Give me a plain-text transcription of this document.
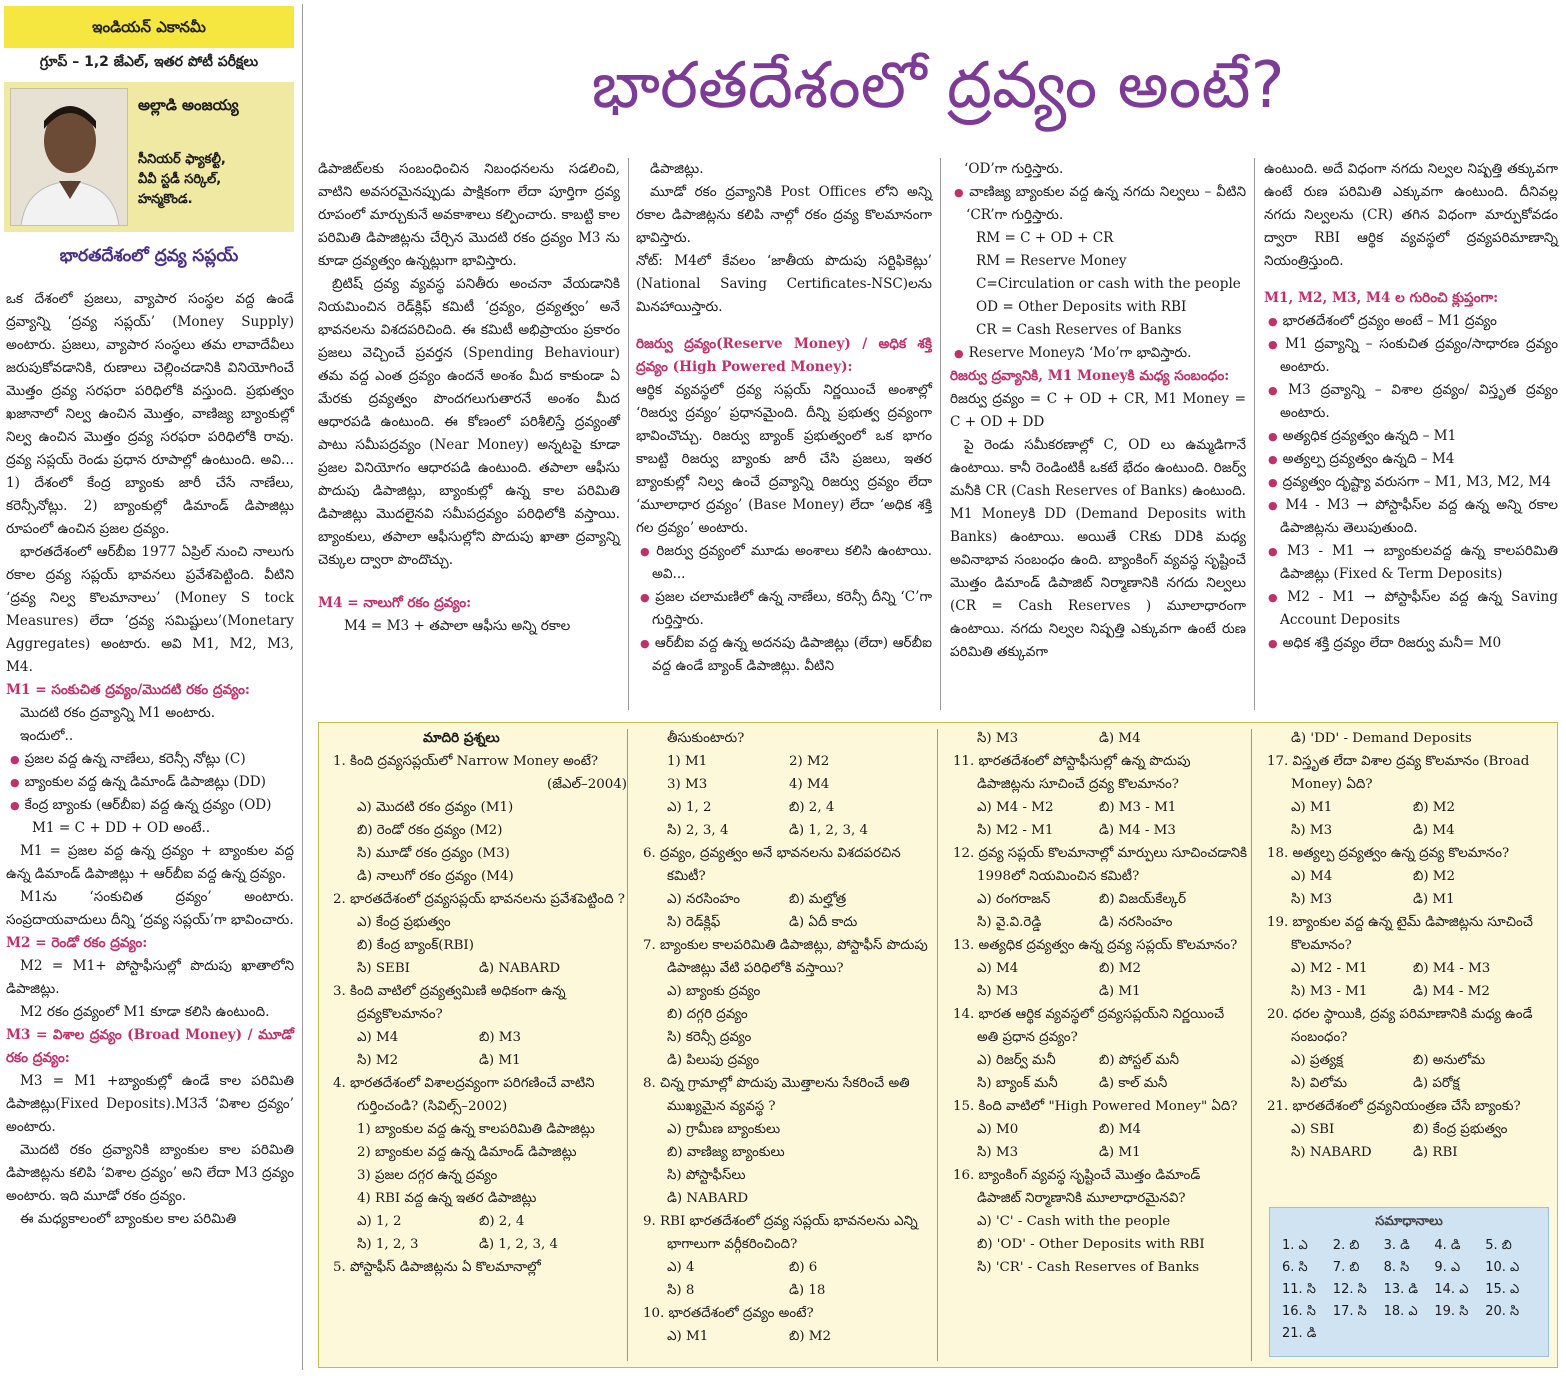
ఇండియన్ ఎకానమీ
గ్రూప్ – 1,2 జేఎల్, ఇతర పోటీ పరీక్షలు
అల్లాడి అంజయ్య
సీనియర్ ఫ్యాకల్టీ,
వీవీ స్టడీ సర్కిల్,
హన్మకొండ.
భారతదేశంలో ద్రవ్యం అంటే?
భారతదేశంలో ద్రవ్య సప్లయ్

ఒక దేశంలో ప్రజలు, వ్యాపార సంస్థల వద్ద ఉండే ద్రవ్యాన్ని ‘ద్రవ్య సప్లయ్’ (Money Supply) అంటారు. ప్రజలు, వ్యాపార సంస్థలు తమ లావాదేవీలు జరుపుకోవడానికి, రుణాలు చెల్లించడానికి వినియోగించే మొత్తం ద్రవ్య సరఫరా పరిధిలోకి వస్తుంది. ప్రభుత్వం ఖజానాలో నిల్వ ఉంచిన మొత్తం, వాణిజ్య బ్యాంకుల్లో నిల్వ ఉంచిన మొత్తం ద్రవ్య సరఫరా పరిధిలోకి రావు. ద్రవ్య సప్లయ్ రెండు ప్రధాన రూపాల్లో ఉంటుంది. అవి... 1) దేశంలో కేంద్ర బ్యాంకు జారీ చేసే నాణేలు, కరెన్సీనోట్లు. 2) బ్యాంకుల్లో డిమాండ్ డిపాజిట్లు రూపంలో ఉంచిన ప్రజల ద్రవ్యం.

భారతదేశంలో ఆర్‌బీఐ 1977 ఏప్రిల్ నుంచి నాలుగు రకాల ద్రవ్య సప్లయ్ భావనలు ప్రవేశపెట్టింది. వీటిని ‘ద్రవ్య నిల్వ కొలమానాలు’ (Money S tock Measures) లేదా ‘ద్రవ్య సమిష్టులు’(Monetary Aggregates) అంటారు. అవి M1, M2, M3, M4.

M1 = సంకుచిత ద్రవ్యం/మొదటి రకం ద్రవ్యం:

మొదటి రకం ద్రవ్యాన్ని M1 అంటారు.

ఇందులో..

● ప్రజల వద్ద ఉన్న నాణేలు, కరెన్సీ నోట్లు (C)

● బ్యాంకుల వద్ద ఉన్న డిమాండ్ డిపాజిట్లు (DD)

● కేంద్ర బ్యాంకు (ఆర్‌బీఐ) వద్ద ఉన్న ద్రవ్యం (OD)

M1 = C + DD + OD అంటే..

M1 = ప్రజల వద్ద ఉన్న ద్రవ్యం + బ్యాంకుల వద్ద ఉన్న డిమాండ్ డిపాజిట్లు + ఆర్‌బీఐ వద్ద ఉన్న ద్రవ్యం.

M1ను ‘సంకుచిత ద్రవ్యం’ అంటారు. సంప్రదాయవాదులు దీన్ని ‘ద్రవ్య సప్లయ్’గా భావించారు.

M2 = రెండో రకం ద్రవ్యం:

M2 = M1+ పోస్టాఫీసుల్లో పొదుపు ఖాతాలోని డిపాజిట్లు.

M2 రకం ద్రవ్యంలో M1 కూడా కలిసి ఉంటుంది.

M3 = విశాల ద్రవ్యం (Broad Money) / మూడో రకం ద్రవ్యం:

M3 = M1 +బ్యాంకుల్లో ఉండే కాల పరిమితి డిపాజిట్లు(Fixed Deposits).M3నే ‘విశాల ద్రవ్యం’ అంటారు.

మొదటి రకం ద్రవ్యానికి బ్యాంకుల కాల పరిమితి డిపాజిట్లను కలిపి ‘విశాల ద్రవ్యం’ అని లేదా M3 ద్రవ్యం అంటారు. ఇది మూడో రకం ద్రవ్యం.

ఈ మధ్యకాలంలో బ్యాంకుల కాల పరిమితి

డిపాజిట్‌లకు సంబంధించిన నిబంధనలను సడలించి, వాటిని అవసరమైనప్పుడు పాక్షికంగా లేదా పూర్తిగా ద్రవ్య రూపంలో మార్చుకునే అవకాశాలు కల్పించారు. కాబట్టి కాల పరిమితి డిపాజిట్లను చేర్చిన మొదటి రకం ద్రవ్యం M3 ను కూడా ద్రవ్యత్వం ఉన్నట్లుగా భావిస్తారు.

బ్రిటిష్ ద్రవ్య వ్యవస్థ పనితీరు అంచనా వేయడానికి నియమించిన రెడ్‌క్లిఫ్ కమిటీ ‘ద్రవ్యం, ద్రవ్యత్వం’ అనే భావనలను విశదపరిచింది. ఈ కమిటీ అభిప్రాయం ప్రకారం ప్రజలు వెచ్చించే ప్రవర్తన (Spending Behaviour) తమ వద్ద ఎంత ద్రవ్యం ఉందనే అంశం మీద కాకుండా ఏ మేరకు ద్రవ్యత్వం పొందగలుగుతారనే అంశం మీద ఆధారపడి ఉంటుంది. ఈ కోణంలో పరిశీలిస్తే ద్రవ్యంతో పాటు సమీపద్రవ్యం (Near Money) అన్నటపై కూడా ప్రజల వినియోగం ఆధారపడి ఉంటుంది. తపాలా ఆఫీసు పొదుపు డిపాజిట్లు, బ్యాంకుల్లో ఉన్న కాల పరిమితి డిపాజిట్లు మొదలైనవి సమీపద్రవ్యం పరిధిలోకి వస్తాయి. బ్యాంకులు, తపాలా ఆఫీసుల్లోని పొదుపు ఖాతా ద్రవ్యాన్ని చెక్కుల ద్వారా పొందొచ్చు.

M4 = నాలుగో రకం ద్రవ్యం:

M4 = M3 + తపాలా ఆఫీసు అన్ని రకాల

డిపాజిట్లు.

మూడో రకం ద్రవ్యానికి Post Offices లోని అన్ని రకాల డిపాజిట్లను కలిపి నాల్గో రకం ద్రవ్య కొలమానంగా భావిస్తారు.

నోట్: M4లో కేవలం ‘జాతీయ పొదుపు సర్టిఫికెట్లు’ (National Saving Certificates-NSC)లను మినహాయిస్తారు.

రిజర్వు ద్రవ్యం(Reserve Money) / అధిక శక్తి ద్రవ్యం (High Powered Money):

ఆర్థిక వ్యవస్థలో ద్రవ్య సప్లయ్ నిర్ణయించే అంశాల్లో ‘రిజర్వు ద్రవ్యం’ ప్రధానమైంది. దీన్ని ప్రభుత్వ ద్రవ్యంగా భావించొచ్చు. రిజర్వు బ్యాంక్ ప్రభుత్వంలో ఒక భాగం కాబట్టి రిజర్వు బ్యాంకు జారీ చేసి ప్రజలు, ఇతర బ్యాంకుల్లో నిల్వ ఉంచే ద్రవ్యాన్ని రిజర్వు ద్రవ్యం లేదా ‘మూలాధార ద్రవ్యం’ (Base Money) లేదా ‘అధిక శక్తి గల ద్రవ్యం’ అంటారు.

● రిజర్వు ద్రవ్యంలో మూడు అంశాలు కలిసి ఉంటాయి. అవి...

● ప్రజల చలామణిలో ఉన్న నాణేలు, కరెన్సీ దీన్ని ‘C’గా గుర్తిస్తారు.

● ఆర్‌బీఐ వద్ద ఉన్న అదనపు డిపాజిట్లు (లేదా) ఆర్‌బీఐ వద్ద ఉండే బ్యాంక్ డిపాజిట్లు. వీటిని

‘OD’గా గుర్తిస్తారు.

● వాణిజ్య బ్యాంకుల వద్ద ఉన్న నగదు నిల్వలు – వీటిని ‘CR’గా గుర్తిస్తారు.

RM = C + OD + CR

RM = Reserve Money

C=Circulation or cash with the people

OD = Other Deposits with RBI

CR = Cash Reserves of Banks

● Reserve Moneyని ‘Mo’గా భావిస్తారు.

రిజర్వు ద్రవ్యానికి, M1 Moneyకి మధ్య సంబంధం:

రిజర్వు ద్రవ్యం = C + OD + CR, M1 Money = C + OD + DD

పై రెండు సమీకరణాల్లో C, OD లు ఉమ్మడిగానే ఉంటాయి. కానీ రెండింటికీ ఒకటే భేదం ఉంటుంది. రిజర్వ్ మనీకి CR (Cash Reserves of Banks) ఉంటుంది. M1 Moneyకి DD (Demand Deposits with Banks) ఉంటాయి. అయితే CRకు DDకి మధ్య అవినాభావ సంబంధం ఉంది. బ్యాంకింగ్ వ్యవస్థ సృష్టించే మొత్తం డిమాండ్ డిపాజిట్ నిర్మాణానికి నగదు నిల్వలు (CR = Cash Reserves ) మూలాధారంగా ఉంటాయి. నగదు నిల్వల నిష్పత్తి ఎక్కువగా ఉంటే రుణ పరిమితి తక్కువగా

ఉంటుంది. అదే విధంగా నగదు నిల్వల నిష్పత్తి తక్కువగా ఉంటే రుణ పరిమితి ఎక్కువగా ఉంటుంది. దీనివల్ల నగదు నిల్వలను (CR) తగిన విధంగా మార్పుకోవడం ద్వారా RBI ఆర్థిక వ్యవస్థలో ద్రవ్యపరిమాణాన్ని నియంత్రిస్తుంది.

M1, M2, M3, M4 ల గురించి క్లుప్తంగా:

● భారతదేశంలో ద్రవ్యం అంటే – M1 ద్రవ్యం

● M1 ద్రవ్యాన్ని – సంకుచిత ద్రవ్యం/సాధారణ ద్రవ్యం అంటారు.

● M3 ద్రవ్యాన్ని – విశాల ద్రవ్యం/ విస్తృత ద్రవ్యం అంటారు.

● అత్యధిక ద్రవ్యత్వం ఉన్నది – M1

● అత్యల్ప ద్రవ్యత్వం ఉన్నది – M4

● ద్రవ్యత్వం దృష్ట్యా వరుసగా – M1, M3, M2, M4

● M4 - M3 → పోస్టాఫీస్‌ల వద్ద ఉన్న అన్ని రకాల డిపాజిట్లను తెలుపుతుంది.

● M3 - M1 → బ్యాంకులవద్ద ఉన్న కాలపరిమితి డిపాజిట్లు (Fixed & Term Deposits)

● M2 - M1 → పోస్టాఫీస్‌ల వద్ద ఉన్న Saving Account Deposits

● అధిక శక్తి ద్రవ్యం లేదా రిజర్వు మనీ= M0

మాదిరి ప్రశ్నలు
1. కింది ద్రవ్యసప్లయ్‌లో Narrow Money అంటే?
(జేఎల్–2004)
ఎ) మొదటి రకం ద్రవ్యం (M1)
బి) రెండో రకం ద్రవ్యం (M2)
సి) మూడో రకం ద్రవ్యం (M3)
డి) నాలుగో రకం ద్రవ్యం (M4)
2. భారతదేశంలో ద్రవ్యసప్లయ్ భావనలను ప్రవేశపెట్టింది ?
ఎ) కేంద్ర ప్రభుత్వం
బి) కేంద్ర బ్యాంక్(RBI)
సి) SEBI	డి) NABARD
3. కింది వాటిలో ద్రవ్యత్వమిణి అధికంగా ఉన్న ద్రవ్యకొలమానం?
ఎ) M4	బి) M3
సి) M2	డి) M1
4. భారతదేశంలో విశాలద్రవ్యంగా పరిగణించే వాటిని గుర్తించండి? (సివిల్స్–2002)
1) బ్యాంకుల వద్ద ఉన్న కాలపరిమితి డిపాజిట్లు
2) బ్యాంకుల వద్ద ఉన్న డిమాండ్ డిపాజిట్లు
3) ప్రజల దగ్గర ఉన్న ద్రవ్యం
4) RBI వద్ద ఉన్న ఇతర డిపాజిట్లు
ఎ) 1, 2	బి) 2, 4
సి) 1, 2, 3	డి) 1, 2, 3, 4
5. పోస్టాఫీస్ డిపాజిట్లను ఏ కొలమానాల్లో
తీసుకుంటారు?
1) M1	2) M2
3) M3	4) M4
ఎ) 1, 2	బి) 2, 4
సి) 2, 3, 4	డి) 1, 2, 3, 4
6. ద్రవ్యం, ద్రవ్యత్వం అనే భావనలను విశదపరచిన కమిటీ?
ఎ) నరసింహం	బి) మల్హోత్ర
సి) రెడ్‌క్లిఫ్	డి) ఏదీ కాదు
7. బ్యాంకుల కాలపరిమితి డిపాజిట్లు, పోస్టాఫీస్ పొదుపు డిపాజిట్లు వేటి పరిధిలోకి వస్తాయి?
ఎ) బ్యాంకు ద్రవ్యం
బి) దగ్గరి ద్రవ్యం
సి) కరెన్సీ ద్రవ్యం
డి) పిలుపు ద్రవ్యం
8. చిన్న గ్రామాల్లో పొదుపు మొత్తాలను సేకరించే అతి ముఖ్యమైన వ్యవస్థ ?
ఎ) గ్రామీణ బ్యాంకులు
బి) వాణిజ్య బ్యాంకులు
సి) పోస్టాఫీస్‌లు
డి) NABARD
9. RBI భారతదేశంలో ద్రవ్య సప్లయ్ భావనలను ఎన్ని భాగాలుగా వర్గీకరించింది?
ఎ) 4	బి) 6
సి) 8	డి) 18
10. భారతదేశంలో ద్రవ్యం అంటే?
ఎ) M1	బి) M2
సి) M3	డి) M4
11. భారతదేశంలో పోస్టాఫీసుల్లో ఉన్న పొదుపు డిపాజిట్లను సూచించే ద్రవ్య కొలమానం?
ఎ) M4 - M2	బి) M3 - M1
సి) M2 - M1	డి) M4 - M3
12. ద్రవ్య సప్లయ్ కొలమానాల్లో మార్పులు సూచించడానికి 1998లో నియమించిన కమిటీ?
ఎ) రంగరాజన్	బి) విజయ్‌కేల్కర్
సి) వై.వి.రెడ్డి	డి) నరసింహం
13. అత్యధిక ద్రవ్యత్వం ఉన్న ద్రవ్య సప్లయ్ కొలమానం?
ఎ) M4	బి) M2
సి) M3	డి) M1
14. భారత ఆర్థిక వ్యవస్థలో ద్రవ్యసప్లయ్‌ని నిర్ణయించే అతి ప్రధాన ద్రవ్యం?
ఎ) రిజర్వ్ మనీ	బి) పోస్టల్ మనీ
సి) బ్యాంక్ మనీ	డి) కాల్ మనీ
15. కింది వాటిలో "High Powered Money" ఏది?
ఎ) M0	బి) M4
సి) M3	డి) M1
16. బ్యాంకింగ్ వ్యవస్థ సృష్టించే మొత్తం డిమాండ్ డిపాజిట్ నిర్మాణానికి మూలాధారమైనవి?
ఎ) 'C' - Cash with the people
బి) 'OD' - Other Deposits with RBI
సి) 'CR' - Cash Reserves of Banks
డి) 'DD' - Demand Deposits
17. విస్తృత లేదా విశాల ద్రవ్య కొలమానం (Broad Money) ఏది?
ఎ) M1	బి) M2
సి) M3	డి) M4
18. అత్యల్ప ద్రవ్యత్వం ఉన్న ద్రవ్య కొలమానం?
ఎ) M4	బి) M2
సి) M3	డి) M1
19. బ్యాంకుల వద్ద ఉన్న టైమ్ డిపాజిట్లను సూచించే కొలమానం?
ఎ) M2 - M1	బి) M4 - M3
సి) M3 - M1	డి) M4 - M2
20. ధరల స్థాయికి, ద్రవ్య పరిమాణానికి మధ్య ఉండే సంబంధం?
ఎ) ప్రత్యక్ష	బి) అనులోమ
సి) విలోమ	డి) పరోక్ష
21. భారతదేశంలో ద్రవ్యనియంత్రణ చేసే బ్యాంకు?
ఎ) SBI	బి) కేంద్ర ప్రభుత్వం
సి) NABARD	డి) RBI
సమాధానాలు
1. ఎ	2. బి	3. డి	4. డి	5. బి
6. సి	7. బి	8. సి	9. ఎ	10. ఎ
11. సి	12. సి	13. డి	14. ఎ	15. ఎ
16. సి	17. సి	18. ఎ	19. సి	20. సి
21. డి
